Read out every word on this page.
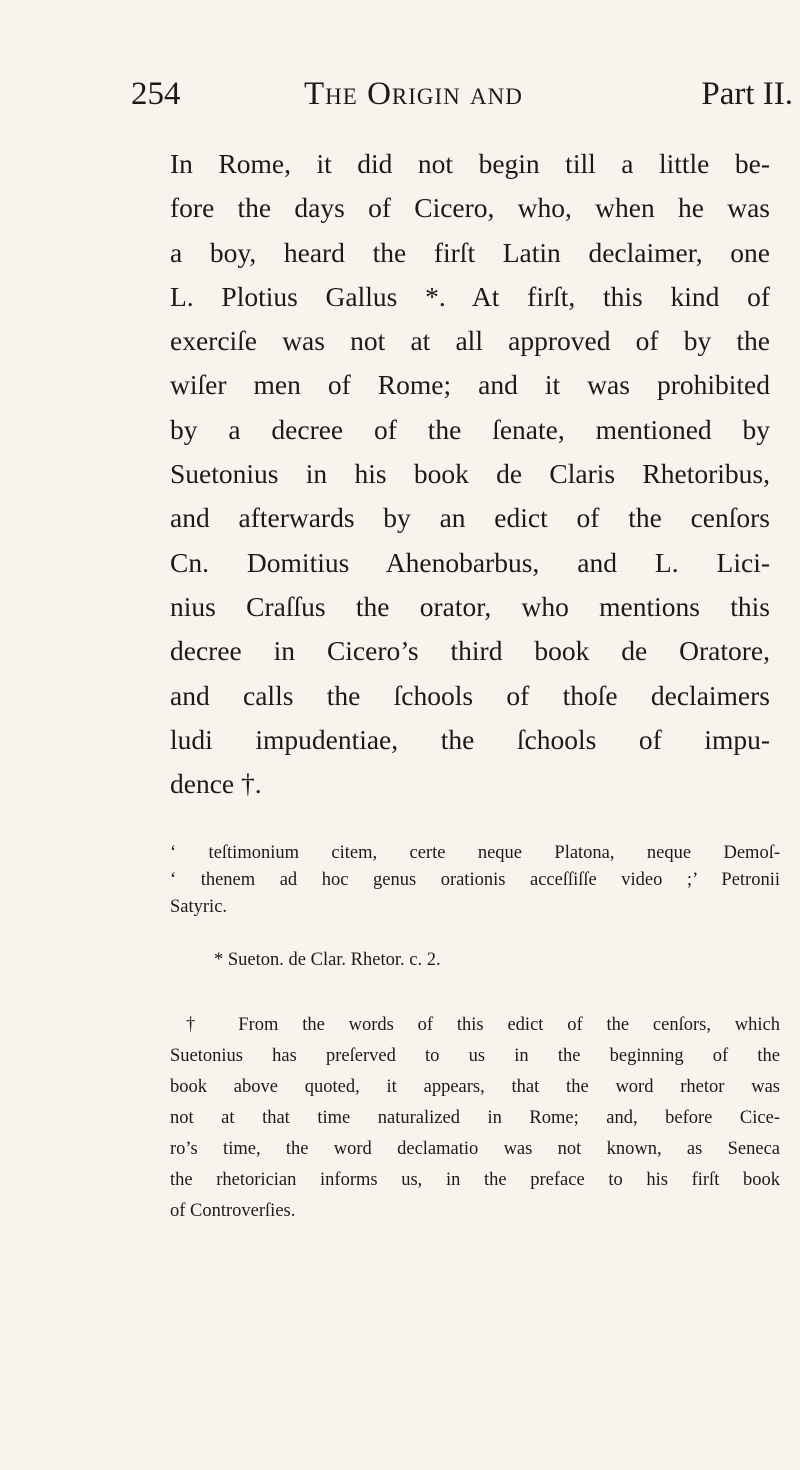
254	The Origin and	Part II.
In Rome, it did not begin till a little be-
fore the days of Cicero, who, when he was
a boy, heard the firſt Latin declaimer, one
L. Plotius Gallus *. At firſt, this kind of
exerciſe was not at all approved of by the
wiſer men of Rome; and it was prohibited
by a decree of the ſenate, mentioned by
Suetonius in his book de Claris Rhetoribus,
and afterwards by an edict of the cenſors
Cn. Domitius Ahenobarbus, and L. Lici-
nius Craſſus the orator, who mentions this
decree in Cicero’s third book de Oratore,
and calls the ſchools of thoſe declaimers
ludi impudentiae, the ſchools of impu-
dence †.
‘ teſtimonium citem, certe neque Platona, neque Demoſ-
‘ thenem ad hoc genus orationis acceſſiſſe video ;’ Petronii
Satyric.
* Sueton. de Clar. Rhetor. c. 2.
† From the words of this edict of the cenſors, which
Suetonius has preſerved to us in the beginning of the
book above quoted, it appears, that the word rhetor was
not at that time naturalized in Rome; and, before Cice-
ro’s time, the word declamatio was not known, as Seneca
the rhetorician informs us, in the preface to his firſt book
of Controverſies.
